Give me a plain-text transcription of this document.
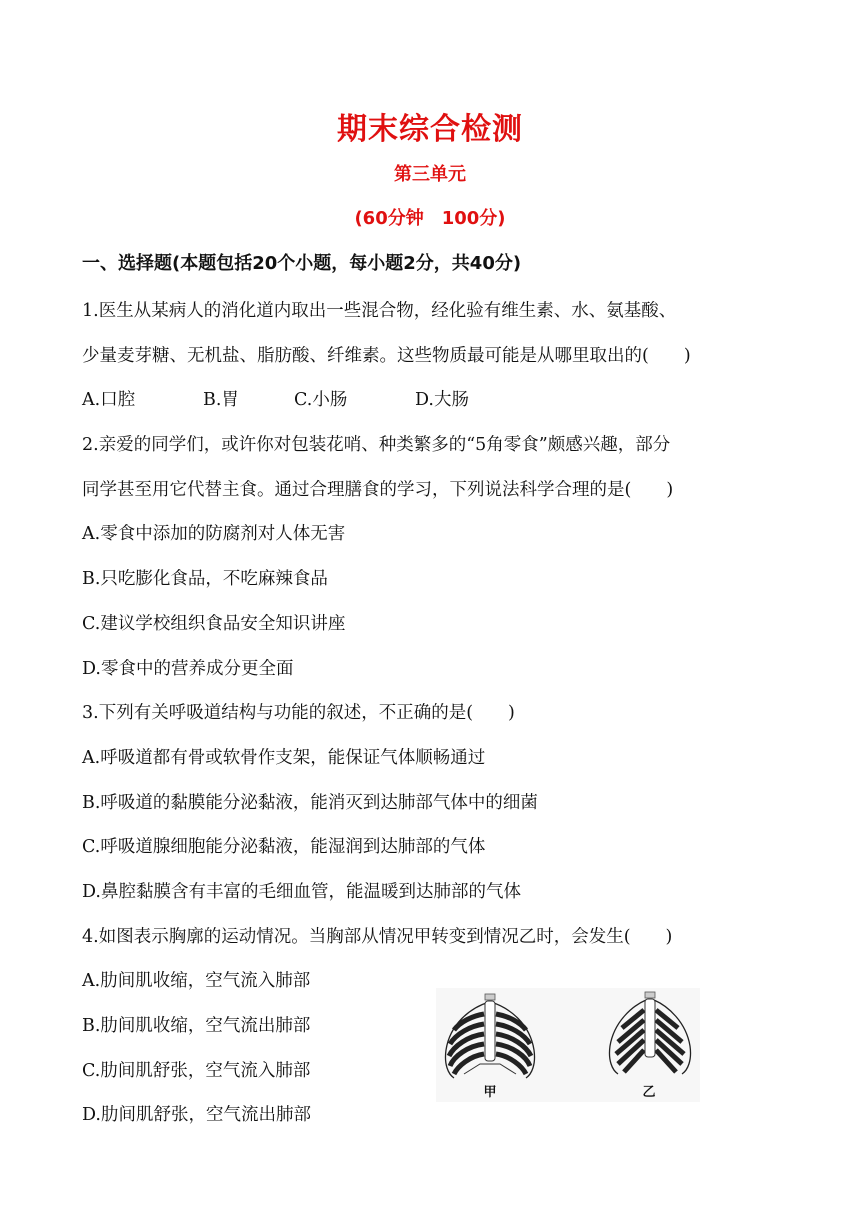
期末综合检测
第三单元
(60分钟　100分)
一、选择题(本题包括20个小题，每小题2分，共40分)
1.医生从某病人的消化道内取出一些混合物，经化验有维生素、水、氨基酸、
少量麦芽糖、无机盐、脂肪酸、纤维素。这些物质最可能是从哪里取出的(　　)
A.口腔	B.胃	C.小肠	D.大肠
2.亲爱的同学们，或许你对包装花哨、种类繁多的“5角零食”颇感兴趣，部分
同学甚至用它代替主食。通过合理膳食的学习，下列说法科学合理的是(　　)
A.零食中添加的防腐剂对人体无害
B.只吃膨化食品，不吃麻辣食品
C.建议学校组织食品安全知识讲座
D.零食中的营养成分更全面
3.下列有关呼吸道结构与功能的叙述，不正确的是(　　)
A.呼吸道都有骨或软骨作支架，能保证气体顺畅通过
B.呼吸道的黏膜能分泌黏液，能消灭到达肺部气体中的细菌
C.呼吸道腺细胞能分泌黏液，能湿润到达肺部的气体
D.鼻腔黏膜含有丰富的毛细血管，能温暖到达肺部的气体
4.如图表示胸廓的运动情况。当胸部从情况甲转变到情况乙时，会发生(　　)
A.肋间肌收缩，空气流入肺部
B.肋间肌收缩，空气流出肺部
C.肋间肌舒张，空气流入肺部
D.肋间肌舒张，空气流出肺部
甲	乙
